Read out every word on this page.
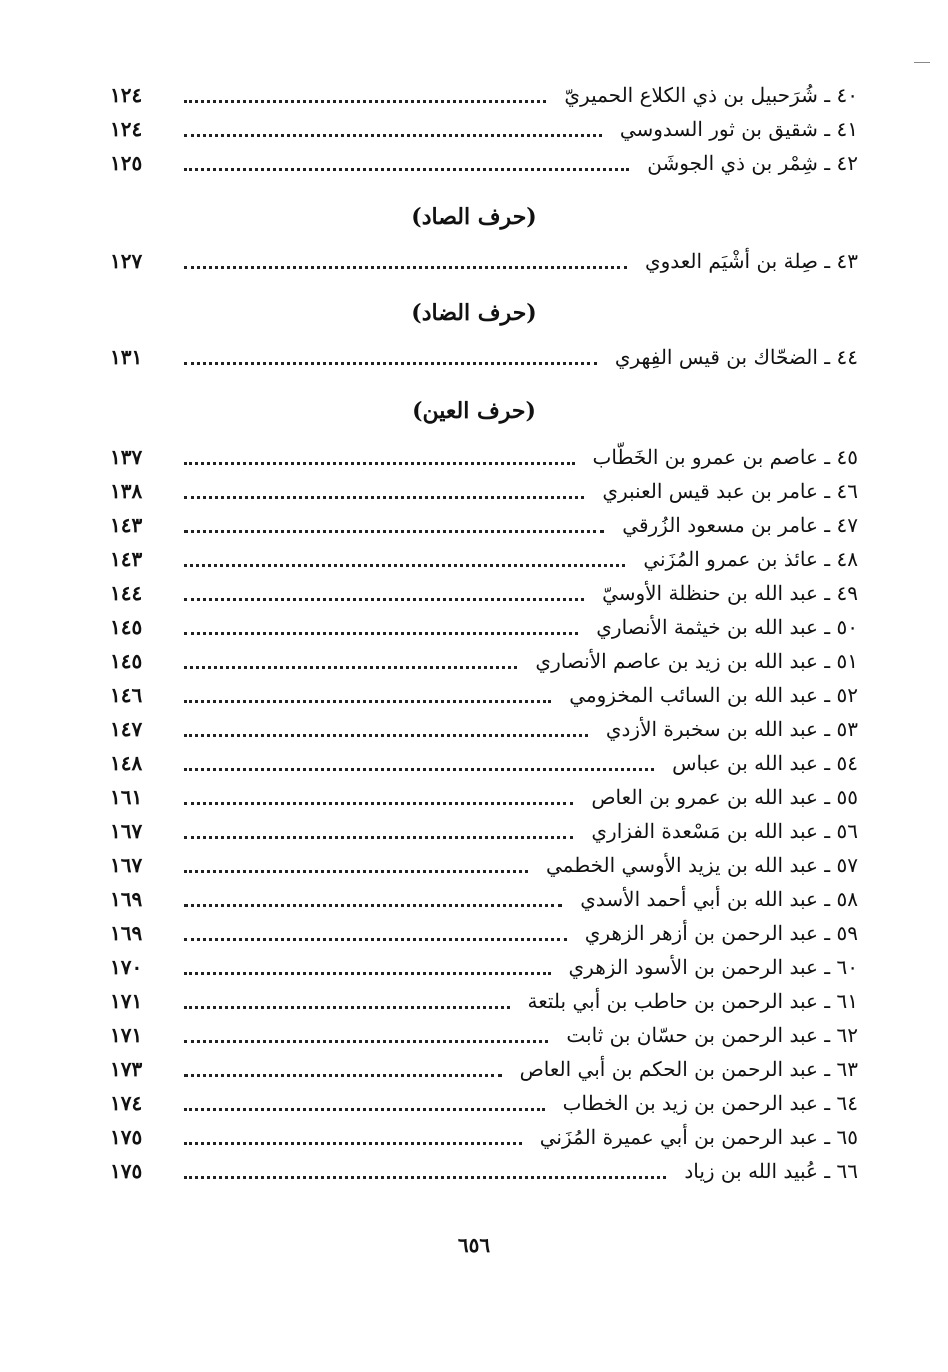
٤٠ ـ شُرَحبيل بن ذي الكلاع الحميريّ
١٢٤
٤١ ـ شقيق بن ثور السدوسي
١٢٤
٤٢ ـ شِمْر بن ذي الجوشَن
١٢٥
(حرف الصاد)
٤٣ ـ صِلة بن أشْيَم العدوي
١٢٧
(حرف الضاد)
٤٤ ـ الضحّاك بن قيس الفِهري
١٣١
(حرف العين)
٤٥ ـ عاصم بن عمرو بن الخَطّاب
١٣٧
٤٦ ـ عامر بن عبد قيس العنبري
١٣٨
٤٧ ـ عامر بن مسعود الزُرقي
١٤٣
٤٨ ـ عائذ بن عمرو المُزَني
١٤٣
٤٩ ـ عبد الله بن حنظلة الأوسيّ
١٤٤
٥٠ ـ عبد الله بن خيثمة الأنصاري
١٤٥
٥١ ـ عبد الله بن زيد بن عاصم الأنصاري
١٤٥
٥٢ ـ عبد الله بن السائب المخزومي
١٤٦
٥٣ ـ عبد الله بن سخبرة الأزدي
١٤٧
٥٤ ـ عبد الله بن عباس
١٤٨
٥٥ ـ عبد الله بن عمرو بن العاص
١٦١
٥٦ ـ عبد الله بن مَسْعدة الفزاري
١٦٧
٥٧ ـ عبد الله بن يزيد الأوسي الخطمي
١٦٧
٥٨ ـ عبد الله بن أبي أحمد الأسدي
١٦٩
٥٩ ـ عبد الرحمن بن أزهر الزهري
١٦٩
٦٠ ـ عبد الرحمن بن الأسود الزهري
١٧٠
٦١ ـ عبد الرحمن بن حاطب بن أبي بلتعة
١٧١
٦٢ ـ عبد الرحمن بن حسّان بن ثابت
١٧١
٦٣ ـ عبد الرحمن بن الحكم بن أبي العاص
١٧٣
٦٤ ـ عبد الرحمن بن زيد بن الخطاب
١٧٤
٦٥ ـ عبد الرحمن بن أبي عميرة المُزَني
١٧٥
٦٦ ـ عُبيد الله بن زياد
١٧٥
٦٥٦
